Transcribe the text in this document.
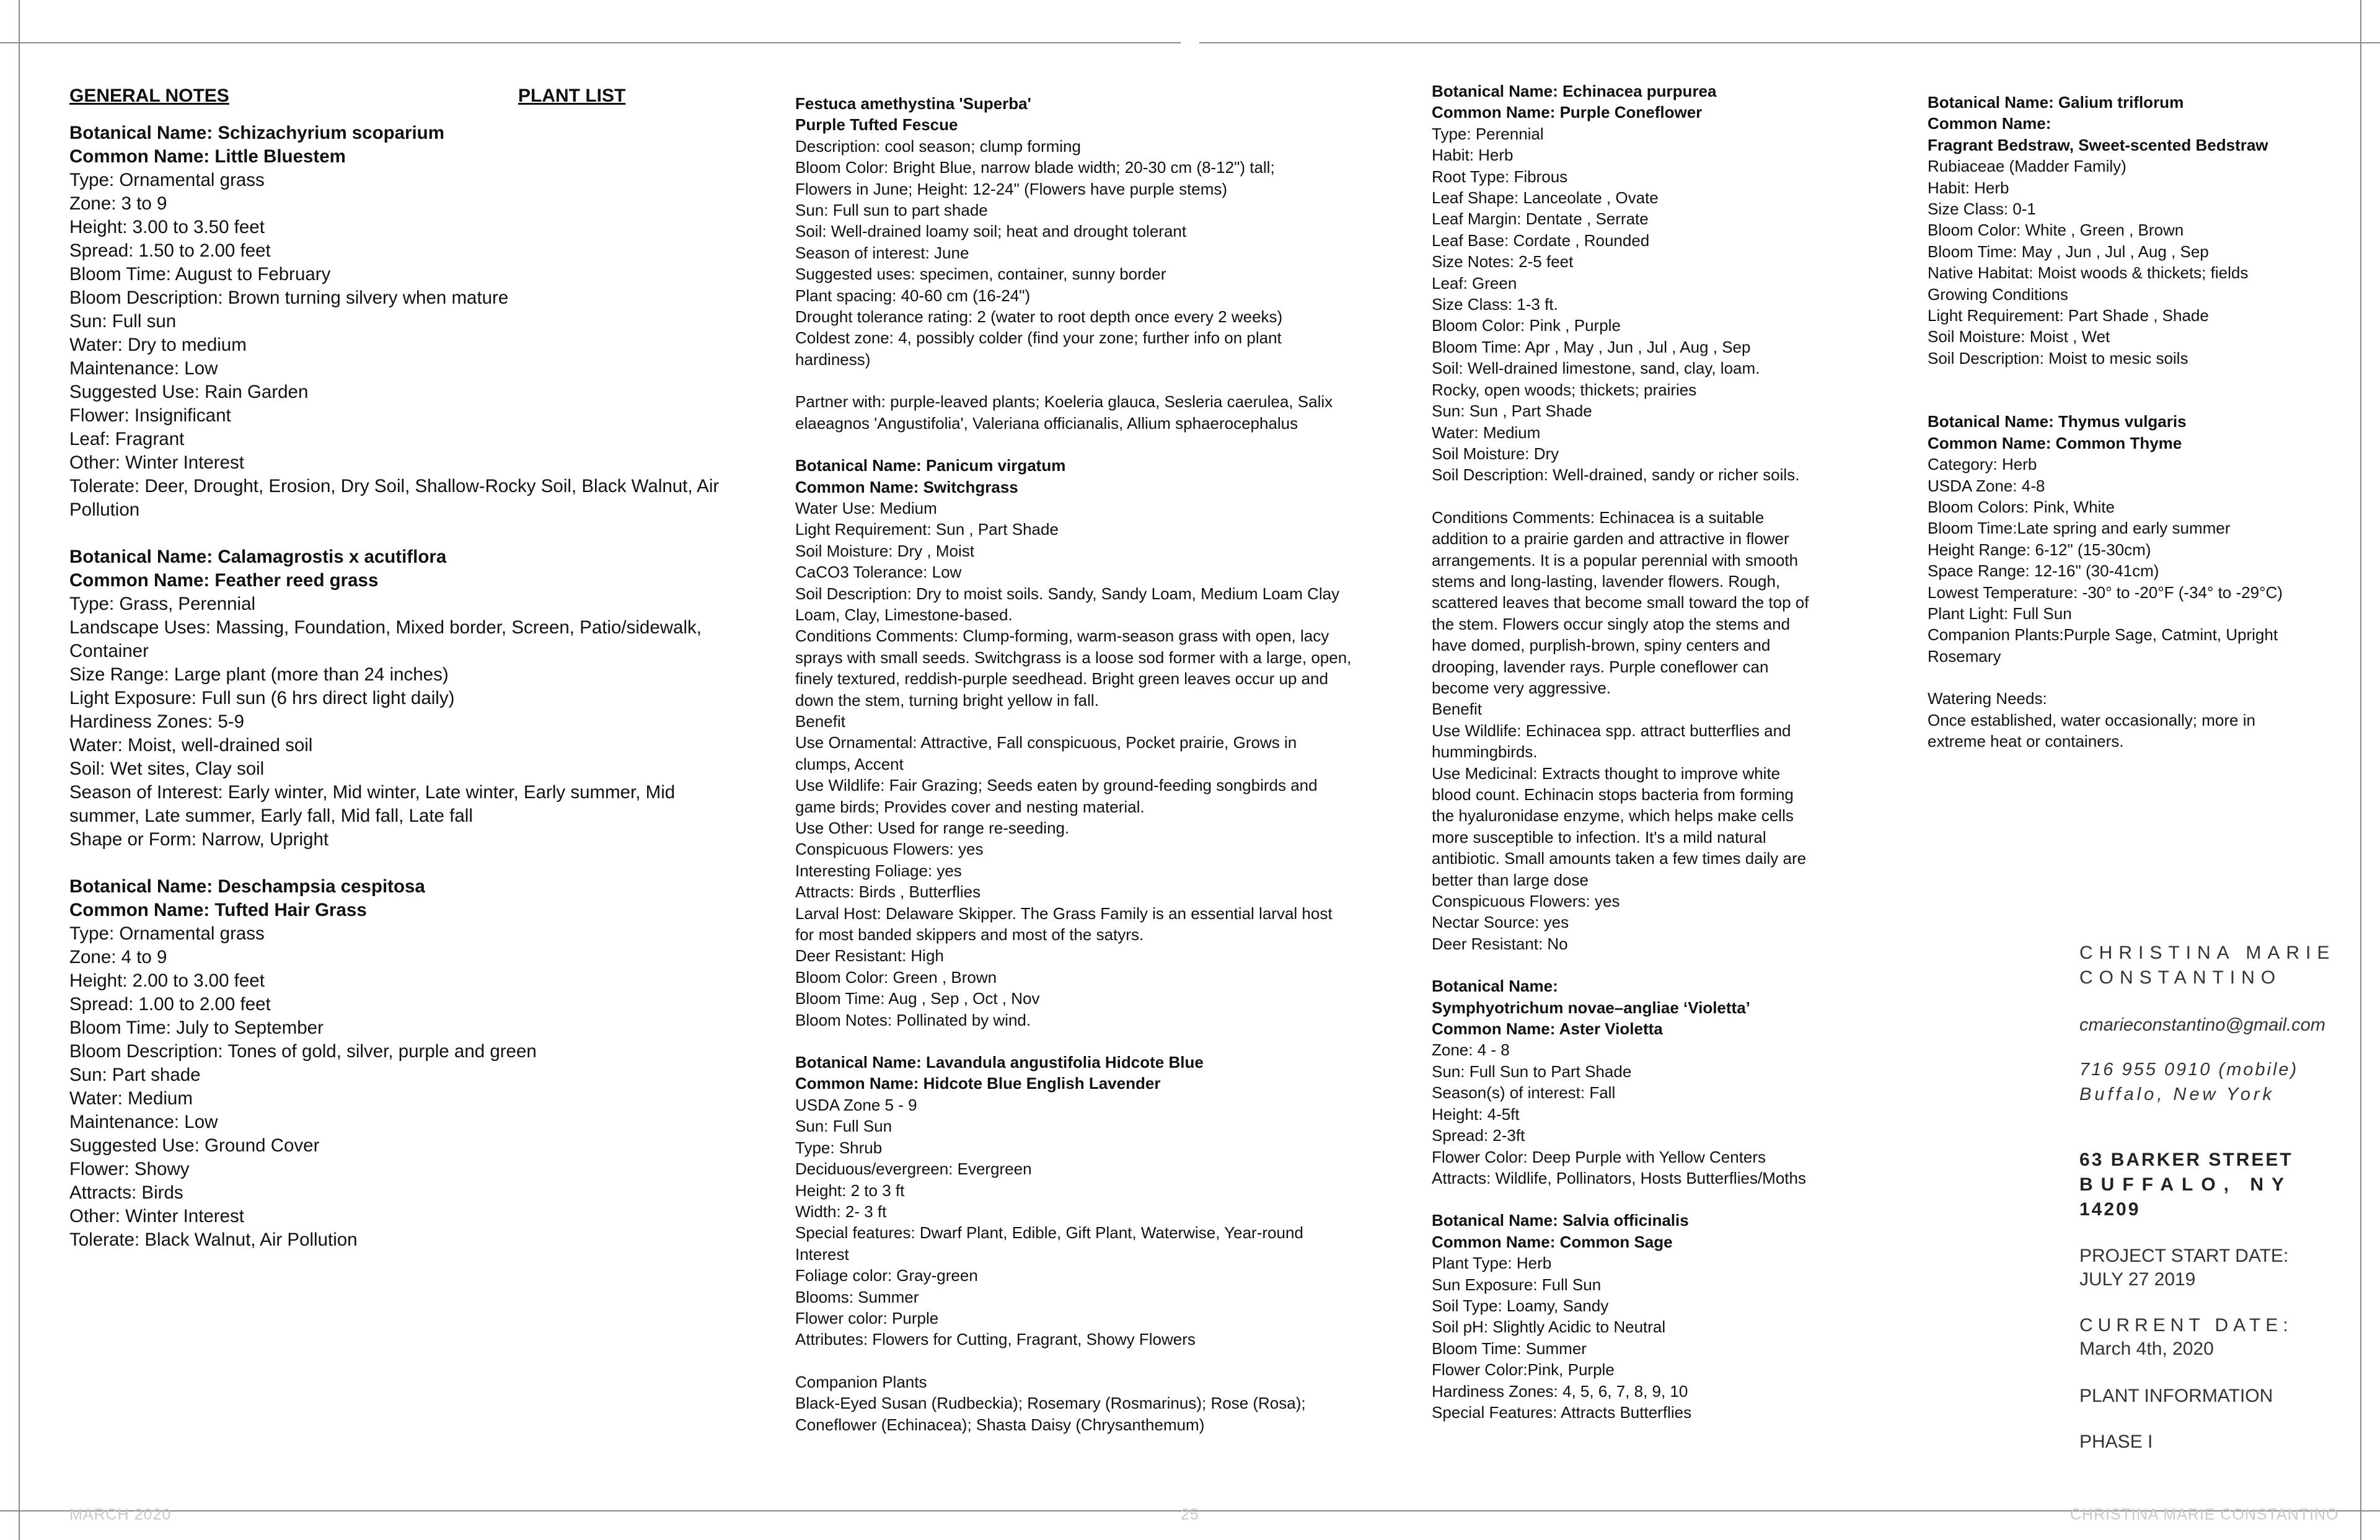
GENERAL NOTES	PLANT LIST
Botanical Name: Schizachyrium scoparium
Common Name: Little Bluestem
Type: Ornamental grass
Zone: 3 to 9
Height: 3.00 to 3.50 feet
Spread: 1.50 to 2.00 feet
Bloom Time: August to February
Bloom Description: Brown turning silvery when mature
Sun: Full sun
Water: Dry to medium
Maintenance: Low
Suggested Use: Rain Garden
Flower: Insignificant
Leaf: Fragrant
Other: Winter Interest
Tolerate: Deer, Drought, Erosion, Dry Soil, Shallow-Rocky Soil, Black Walnut, Air
Pollution
Botanical Name: Calamagrostis x acutiflora
Common Name: Feather reed grass
Type: Grass, Perennial
Landscape Uses: Massing, Foundation, Mixed border, Screen, Patio/sidewalk,
Container
Size Range: Large plant (more than 24 inches)
Light Exposure: Full sun (6 hrs direct light daily)
Hardiness Zones: 5-9
Water: Moist, well-drained soil
Soil: Wet sites, Clay soil
Season of Interest: Early winter, Mid winter, Late winter, Early summer, Mid
summer, Late summer, Early fall, Mid fall, Late fall
Shape or Form: Narrow, Upright
Botanical Name: Deschampsia cespitosa
Common Name: Tufted Hair Grass
Type: Ornamental grass
Zone: 4 to 9
Height: 2.00 to 3.00 feet
Spread: 1.00 to 2.00 feet
Bloom Time: July to September
Bloom Description: Tones of gold, silver, purple and green
Sun: Part shade
Water: Medium
Maintenance: Low
Suggested Use: Ground Cover
Flower: Showy
Attracts: Birds
Other: Winter Interest
Tolerate: Black Walnut, Air Pollution
Festuca amethystina 'Superba'
Purple Tufted Fescue
Description: cool season; clump forming
Bloom Color: Bright Blue, narrow blade width; 20-30 cm (8-12") tall;
Flowers in June; Height: 12-24" (Flowers have purple stems)
Sun: Full sun to part shade
Soil: Well-drained loamy soil; heat and drought tolerant
Season of interest: June
Suggested uses: specimen, container, sunny border
Plant spacing: 40-60 cm (16-24")
Drought tolerance rating: 2 (water to root depth once every 2 weeks)
Coldest zone: 4, possibly colder (find your zone; further info on plant
hardiness)
Partner with: purple-leaved plants; Koeleria glauca, Sesleria caerulea, Salix
elaeagnos 'Angustifolia', Valeriana officianalis, Allium sphaerocephalus
Botanical Name: Panicum virgatum
Common Name: Switchgrass
Water Use: Medium
Light Requirement: Sun , Part Shade
Soil Moisture: Dry , Moist
CaCO3 Tolerance: Low
Soil Description: Dry to moist soils. Sandy, Sandy Loam, Medium Loam Clay
Loam, Clay, Limestone-based.
Conditions Comments: Clump-forming, warm-season grass with open, lacy
sprays with small seeds. Switchgrass is a loose sod former with a large, open,
finely textured, reddish-purple seedhead. Bright green leaves occur up and
down the stem, turning bright yellow in fall.
Benefit
Use Ornamental: Attractive, Fall conspicuous, Pocket prairie, Grows in
clumps, Accent
Use Wildlife: Fair Grazing; Seeds eaten by ground-feeding songbirds and
game birds; Provides cover and nesting material.
Use Other: Used for range re-seeding.
Conspicuous Flowers: yes
Interesting Foliage: yes
Attracts: Birds , Butterflies
Larval Host: Delaware Skipper. The Grass Family is an essential larval host
for most banded skippers and most of the satyrs.
Deer Resistant: High
Bloom Color: Green , Brown
Bloom Time: Aug , Sep , Oct , Nov
Bloom Notes: Pollinated by wind.
Botanical Name: Lavandula angustifolia Hidcote Blue
Common Name: Hidcote Blue English Lavender
USDA Zone 5 - 9
Sun: Full Sun
Type: Shrub
Deciduous/evergreen: Evergreen
Height: 2 to 3 ft
Width: 2- 3 ft
Special features: Dwarf Plant, Edible, Gift Plant, Waterwise, Year-round
Interest
Foliage color: Gray-green
Blooms: Summer
Flower color: Purple
Attributes: Flowers for Cutting, Fragrant, Showy Flowers
Companion Plants
Black-Eyed Susan (Rudbeckia); Rosemary (Rosmarinus); Rose (Rosa);
Coneflower (Echinacea); Shasta Daisy (Chrysanthemum)
Botanical Name: Echinacea purpurea
Common Name: Purple Coneflower
Type: Perennial
Habit: Herb
Root Type: Fibrous
Leaf Shape: Lanceolate , Ovate
Leaf Margin: Dentate , Serrate
Leaf Base: Cordate , Rounded
Size Notes: 2-5 feet
Leaf: Green
Size Class: 1-3 ft.
Bloom Color: Pink , Purple
Bloom Time: Apr , May , Jun , Jul , Aug , Sep
Soil: Well-drained limestone, sand, clay, loam.
Rocky, open woods; thickets; prairies
Sun: Sun , Part Shade
Water: Medium
Soil Moisture: Dry
Soil Description: Well-drained, sandy or richer soils.
Conditions Comments: Echinacea is a suitable
addition to a prairie garden and attractive in flower
arrangements. It is a popular perennial with smooth
stems and long-lasting, lavender flowers. Rough,
scattered leaves that become small toward the top of
the stem. Flowers occur singly atop the stems and
have domed, purplish-brown, spiny centers and
drooping, lavender rays. Purple coneflower can
become very aggressive.
Benefit
Use Wildlife: Echinacea spp. attract butterflies and
hummingbirds.
Use Medicinal: Extracts thought to improve white
blood count. Echinacin stops bacteria from forming
the hyaluronidase enzyme, which helps make cells
more susceptible to infection. It's a mild natural
antibiotic. Small amounts taken a few times daily are
better than large dose
Conspicuous Flowers: yes
Nectar Source: yes
Deer Resistant: No
Botanical Name:
Symphyotrichum novae–angliae ‘Violetta’
Common Name: Aster Violetta
Zone: 4 - 8
Sun: Full Sun to Part Shade
Season(s) of interest: Fall
Height: 4-5ft
Spread: 2-3ft
Flower Color: Deep Purple with Yellow Centers
Attracts: Wildlife, Pollinators, Hosts Butterflies/Moths
Botanical Name: Salvia officinalis
Common Name: Common Sage
Plant Type: Herb
Sun Exposure: Full Sun
Soil Type: Loamy, Sandy
Soil pH: Slightly Acidic to Neutral
Bloom Time: Summer
Flower Color:Pink, Purple
Hardiness Zones: 4, 5, 6, 7, 8, 9, 10
Special Features: Attracts Butterflies
Botanical Name: Galium triflorum
Common Name:
Fragrant Bedstraw, Sweet-scented Bedstraw
Rubiaceae (Madder Family)
Habit: Herb
Size Class: 0-1
Bloom Color: White , Green , Brown
Bloom Time: May , Jun , Jul , Aug , Sep
Native Habitat: Moist woods & thickets; fields
Growing Conditions
Light Requirement: Part Shade , Shade
Soil Moisture: Moist , Wet
Soil Description: Moist to mesic soils
Botanical Name: Thymus vulgaris
Common Name: Common Thyme
Category: Herb
USDA Zone: 4-8
Bloom Colors: Pink, White
Bloom Time:Late spring and early summer
Height Range: 6-12" (15-30cm)
Space Range: 12-16" (30-41cm)
Lowest Temperature: -30° to -20°F (-34° to -29°C)
Plant Light: Full Sun
Companion Plants:Purple Sage, Catmint, Upright
Rosemary
Watering Needs:
Once established, water occasionally; more in
extreme heat or containers.
CHRISTINA MARIE
CONSTANTINO
cmarieconstantino@gmail.com
716 955 0910 (mobile)
Buffalo, New York
63 BARKER STREET
BUFFALO, NY
14209
PROJECT START DATE:
JULY 27 2019
CURRENT DATE:
March 4th, 2020
PLANT INFORMATION
PHASE I
MARCH 2020	25	CHRISTINA MARIE CONSTANTINO
